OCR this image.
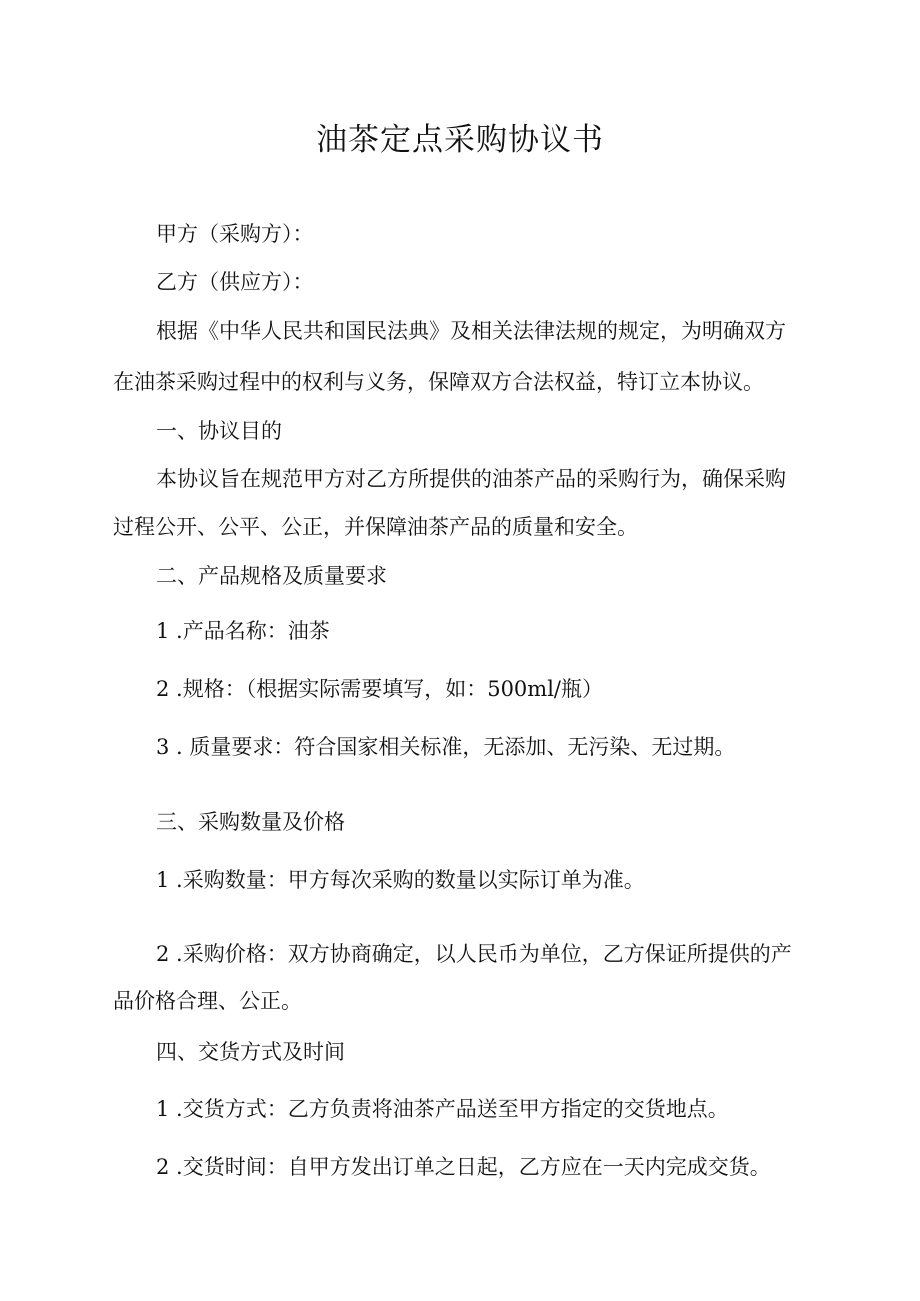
油茶定点采购协议书

甲方（采购方）：

乙方（供应方）：

根据《中华人民共和国民法典》及相关法律法规的规定，为明确双方

在油茶采购过程中的权利与义务，保障双方合法权益，特订立本协议。

一、协议目的

本协议旨在规范甲方对乙方所提供的油茶产品的采购行为，确保采购

过程公开、公平、公正，并保障油茶产品的质量和安全。

二、产品规格及质量要求

1 .产品名称：油茶

2 .规格：（根据实际需要填写，如：500ml/瓶）

3 . 质量要求：符合国家相关标准，无添加、无污染、无过期。

三、采购数量及价格

1 .采购数量：甲方每次采购的数量以实际订单为准。

2 .采购价格：双方协商确定，以人民币为单位，乙方保证所提供的产

品价格合理、公正。

四、交货方式及时间

1 .交货方式：乙方负责将油茶产品送至甲方指定的交货地点。

2 .交货时间：自甲方发出订单之日起，乙方应在一天内完成交货。
